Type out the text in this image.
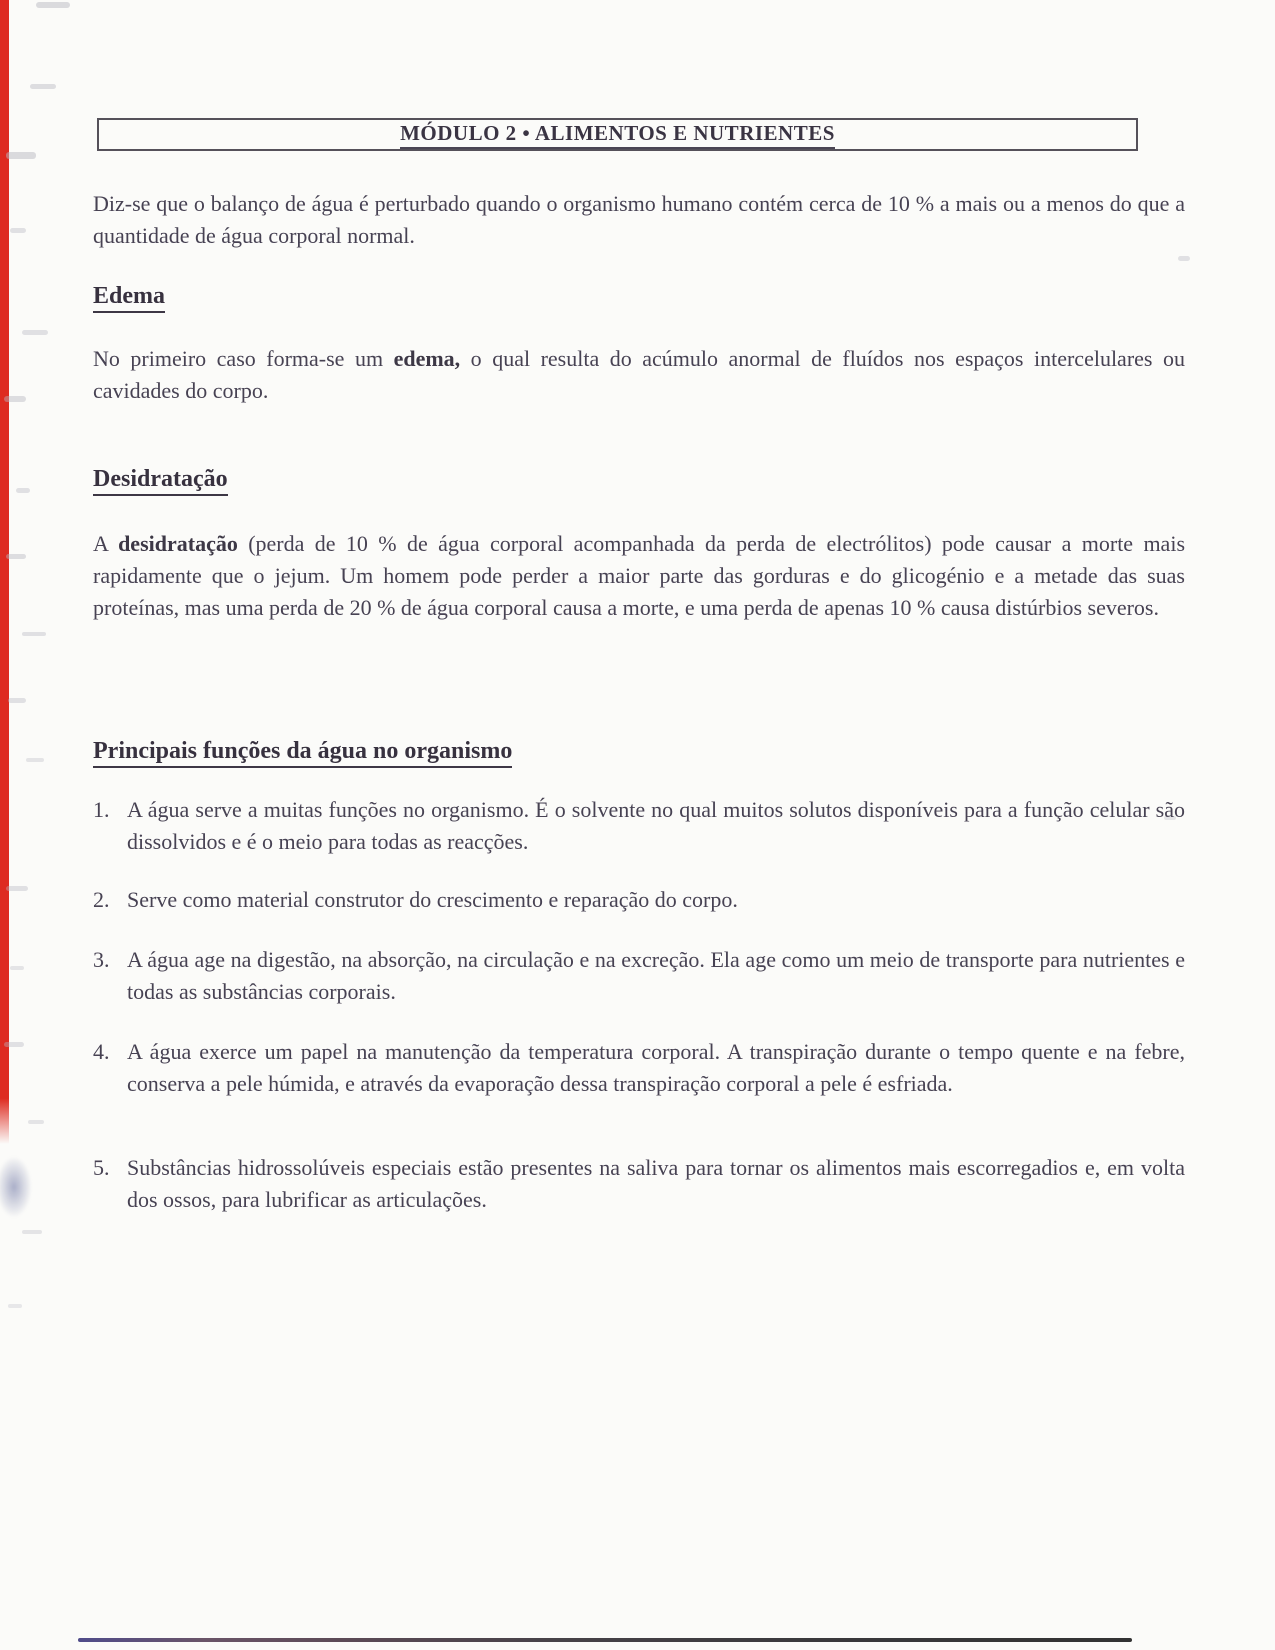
MÓDULO 2 • ALIMENTOS E NUTRIENTES
Diz-se que o balanço de água é perturbado quando o organismo humano contém cerca de 10 % a mais ou a menos do que a quantidade de água corporal normal.
Edema
No primeiro caso forma-se um edema, o qual resulta do acúmulo anormal de fluídos nos espaços intercelulares ou cavidades do corpo.
Desidratação
A desidratação (perda de 10 % de água corporal acompanhada da perda de electrólitos) pode causar a morte mais rapidamente que o jejum. Um homem pode perder a maior parte das gorduras e do glicogénio e a metade das suas proteínas, mas uma perda de 20 % de água corporal causa a morte, e uma perda de apenas 10 % causa distúrbios severos.
Principais funções da água no organismo
1. A água serve a muitas funções no organismo. É o solvente no qual muitos solutos disponíveis para a função celular são dissolvidos e é o meio para todas as reacções.
2. Serve como material construtor do crescimento e reparação do corpo.
3. A água age na digestão, na absorção, na circulação e na excreção. Ela age como um meio de transporte para nutrientes e todas as substâncias corporais.
4. A água exerce um papel na manutenção da temperatura corporal. A transpiração durante o tempo quente e na febre, conserva a pele húmida, e através da evaporação dessa transpiração corporal a pele é esfriada.
5. Substâncias hidrossolúveis especiais estão presentes na saliva para tornar os alimentos mais escorregadios e, em volta dos ossos, para lubrificar as articulações.
